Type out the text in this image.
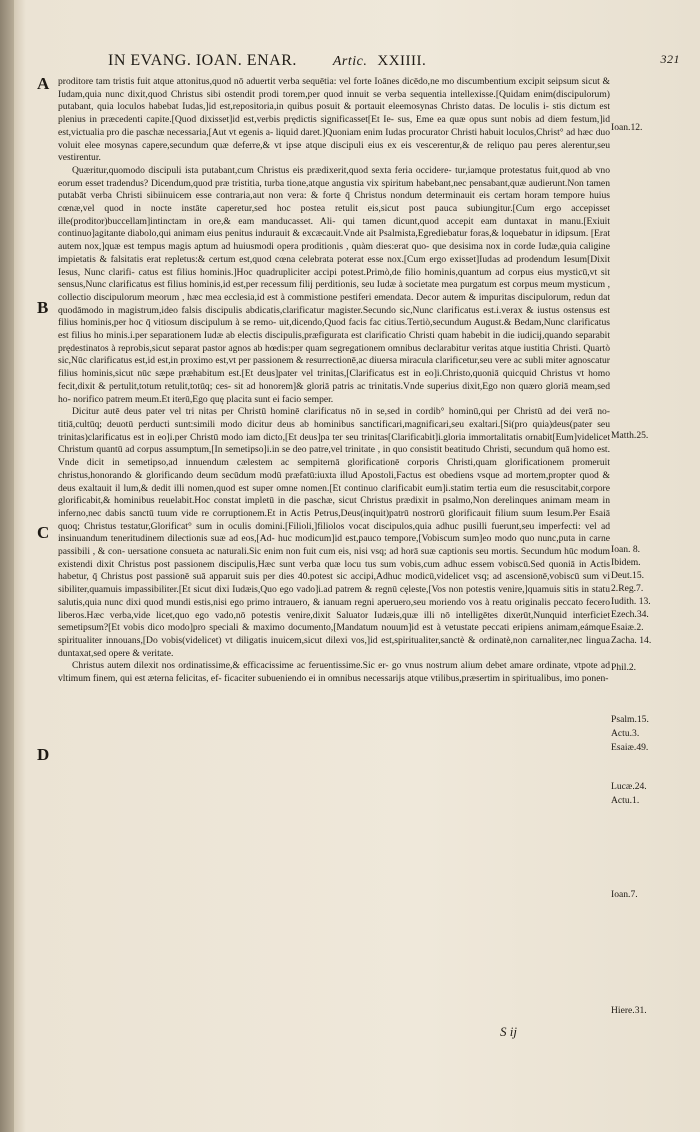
IN EVANG. IOAN. ENAR.	Artic. XXIIII.	321
A
B
C
D

proditore tam tristis fuit atque attonitus,quod nō aduertit verba sequētia: vel forte Ioānes dicēdo,ne mo discumbentium excipit seipsum sicut & Iudam,quia nunc dixit,quod Christus sibi ostendit prodi torem,per quod innuit se verba sequentia intellexisse.[Quidam enim(discipulorum) putabant, quia loculos habebat Iudas,]id est,repositoria,in quibus posuit & portauit eleemosynas Christo datas. De loculis i- stis dictum est plenius in præcedenti capite.[Quod dixisset]id est,verbis prędictis significasset[Et Ie- sus, Eme ea quæ opus sunt nobis ad diem festum,]id est,victualia pro die paschæ necessaria,[Aut vt egenis a- liquid daret.]Quoniam enim Iudas procurator Christi habuit loculos,Christ° ad hæc duo voluit elee mosynas capere,secundum quæ deferre,& vt ipse atque discipuli eius ex eis vescerentur,& de reliquo pau peres alerentur,seu vestirentur.

Quæritur,quomodo discipuli ista putabant,cum Christus eis prædixerit,quod sexta feria occidere- tur,iamque protestatus fuit,quod ab vno eorum esset tradendus? Dicendum,quod præ tristitia, turba tione,atque angustia vix spiritum habebant,nec pensabant,quæ audierunt.Non tamen putabāt verba Christi sibiinuicem esse contraria,aut non vera: & forte q̄ Christus nondum determinauit eis certam horam tempore huius cœnæ,vel quod in nocte instāte caperetur,sed hoc postea retulit eis,sicut post pauca subiungitur.[Cum ergo accepisset ille(proditor)buccellam]intinctam in ore,& eam manducasset. Ali- qui tamen dicunt,quod accepit eam duntaxat in manu.[Exiuit continuo]agitante diabolo,qui animam eius penitus indurauit & excæcauit.Vnde ait Psalmista,Egrediebatur foras,& loquebatur in idipsum. [Erat autem nox,]quæ est tempus magis aptum ad huiusmodi opera proditionis , quàm dies:erat quo- que desisima nox in corde Iudæ,quia caligine impietatis & falsitatis erat repletus:& certum est,quod cœna celebrata poterat esse nox.[Cum ergo exisset]Iudas ad prodendum Iesum[Dixit Iesus, Nunc clarifi- catus est filius hominis.]Hoc quadrupliciter accipi potest.Primò,de filio hominis,quantum ad corpus eius mysticū,vt sit sensus,Nunc clarificatus est filius hominis,id est,per recessum filij perditionis, seu Iudæ à societate mea purgatum est corpus meum mysticum , collectio discipulorum meorum , hæc mea ecclesia,id est à commistione pestiferi emendata. Decor autem & impuritas discipulorum, redun dat quodāmodo in magistrum,ideo falsis discipulis abdicatis,clarificatur magister.Secundo sic,Nunc clarificatus est.i.verax & iustus ostensus est filius hominis,per hoc q̄ vitiosum discipulum à se remo- uit,dicendo,Quod facis fac citius.Tertiò,secundum August.& Bedam,Nunc clarificatus est filius ho minis.i.per separationem Iudæ ab electis discipulis,præfigurata est clarificatio Christi quam habebit in die iudicij,quando separabit prędestinatos à reprobis,sicut separat pastor agnos ab hœdis:per quam segregationem omnibus declarabitur veritas atque iustitia Christi. Quartò sic,Nūc clarificatus est,id est,in proximo est,vt per passionem & resurrectionē,ac diuersa miracula clarificetur,seu vere ac subli miter agnoscatur filius hominis,sicut nūc sæpe præhabitum est.[Et deus]pater vel trinitas,[Clarificatus est in eo]i.Christo,quoniā quicquid Christus vt homo fecit,dixit & pertulit,totum retulit,totūq; ces- sit ad honorem]& gloriā patris ac trinitatis.Vnde superius dixit,Ego non quæro gloriā meam,sed ho- norifico patrem meum.Et iterū,Ego quę placita sunt ei facio semper.

Dicitur autē deus pater vel tri nitas per Christū hominē clarificatus nō in se,sed in cordib° hominū,qui per Christū ad dei verā no- titiā,cultūq; deuotū perducti sunt:simili modo dicitur deus ab hominibus sanctificari,magnificari,seu exaltari.[Si(pro quia)deus(pater seu trinitas)clarificatus est in eo]i.per Christū modo iam dicto,[Et deus]pa ter seu trinitas[Clarificabit]i.gloria immortalitatis ornabit[Eum]videlicet Christum quantū ad corpus assumptum,[In semetipso]i.in se deo patre,vel trinitate , in quo consistit beatitudo Christi, secundum quā homo est. Vnde dicit in semetipso,ad innuendum cælestem ac sempiternā glorificationē corporis Christi,quam glorificationem promeruit christus,honorando & glorificando deum secūdum modū præfatū:iuxta illud Apostoli,Factus est obediens vsque ad mortem,propter quod & deus exaltauit il lum,& dedit illi nomen,quod est super omne nomen.[Et continuo clarificabit eum]i.statim tertia eum die resuscitabit,corpore glorificabit,& hominibus reuelabit.Hoc constat impletū in die paschæ, sicut Christus prædixit in psalmo,Non derelinques animam meam in inferno,nec dabis sanctū tuum vide re corruptionem.Et in Actis Petrus,Deus(inquit)patrū nostrorū glorificauit filium suum Iesum.Per Esaiā quoq; Christus testatur,Glorificat° sum in oculis domini.[Filioli,]filiolos vocat discipulos,quia adhuc pusilli fuerunt,seu imperfecti: vel ad insinuandum teneritudinem dilectionis suæ ad eos,[Ad- huc modicum]id est,pauco tempore,[Vobiscum sum]eo modo quo nunc,puta in carne passibili , & con- uersatione consueta ac naturali.Sic enim non fuit cum eis, nisi vsq; ad horā suæ captionis seu mortis. Secundum hūc modum existendi dixit Christus post passionem discipulis,Hæc sunt verba quæ locu tus sum vobis,cum adhuc essem vobiscū.Sed quoniā in Actis habetur, q̄ Christus post passionē suā apparuit suis per dies 40.potest sic accipi,Adhuc modicū,videlicet vsq; ad ascensionē,vobiscū sum vi sibiliter,quamuis impassibiliter.[Et sicut dixi Iudæis,Quo ego vado]i.ad patrem & regnū cęleste,[Vos non potestis venire,]quamuis sitis in statu salutis,quia nunc dixi quod mundi estis,nisi ego primo intrauero, & ianuam regni aperuero,seu moriendo vos à reatu originalis peccato fecero liberos.Hæc verba,vide licet,quo ego vado,nō potestis venire,dixit Saluator Iudæis,quæ illi nō intelligētes dixerūt,Nunquid interficiet semetipsum?[Et vobis dico modo]pro speciali & maximo documento,[Mandatum nouum]id est à vetustate peccati eripiens animam,eámque spiritualiter innouans,[Do vobis(videlicet) vt diligatis inuicem,sicut dilexi vos,]id est,spiritualiter,sanctè & ordinatè,non carnaliter,nec lingua duntaxat,sed opere & veritate.

Christus autem dilexit nos ordinatissime,& efficacissime ac feruentissime.Sic er- go vnus nostrum alium debet amare ordinate, vtpote ad vltimum finem, qui est æterna felicitas, ef- ficaciter subueniendo ei in omnibus necessarijs atque vtilibus,præsertim in spiritualibus, imo ponen-

Ioan.12.
Matth.25.
Ioan. 8.
Ibidem.
Deut.15.
2.Reg.7.
Iudith. 13.
Ezech.34.
Esaiæ.2.
Zacha. 14.
Phil.2.
Psalm.15.
Actu.3.
Esaiæ.49.
Lucæ.24.
Actu.1.
Ioan.7.
Hiere.31.
S ij
